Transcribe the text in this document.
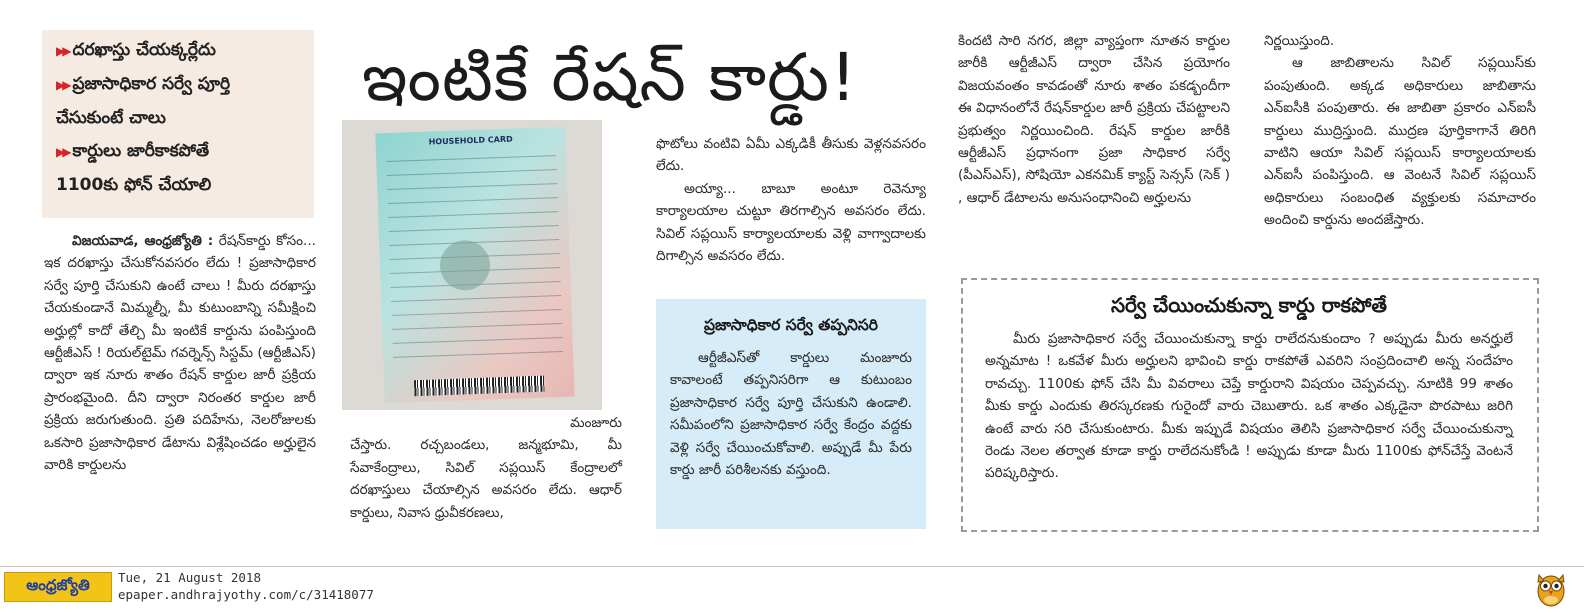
▶▶ దరఖాస్తు చేయక్కర్లేదు
▶▶ ప్రజాసాధికార సర్వే పూర్తి
చేసుకుంటే చాలు
▶▶ కార్డులు జారీకాకపోతే
1100కు ఫోన్ చేయాలి
ఇంటికే రేషన్ కార్డు!
HOUSEHOLD CARD

విజయవాడ, ఆంధ్రజ్యోతి : రేషన్‌కార్డు కోసం... ఇక దరఖాస్తు చేసుకోనవసరం లేదు ! ప్రజాసాధికార సర్వే పూర్తి చేసుకుని ఉంటే చాలు ! మీరు దరఖాస్తు చేయకుండానే మిమ్మల్నీ, మీ కుటుంబాన్ని సమీక్షించి అర్హుల్లో కాదో తేల్చి మీ ఇంటికే కార్డును పంపిస్తుంది ఆర్టీజీఎస్ ! రియల్‌టైమ్ గవర్నెన్స్ సిస్టమ్ (ఆర్టీజీఎస్) ద్వారా ఇక నూరు శాతం రేషన్ కార్డుల జారీ ప్రక్రియ ప్రారంభమైంది. దీని ద్వారా నిరంతర కార్డుల జారీ ప్రక్రియ జరుగుతుంది. ప్రతి పదిహేను, నెలరోజులకు ఒకసారి ప్రజాసాధికార డేటాను విశ్లేషించడం అర్హులైన వారికి కార్డులను

మంజూరు

చేస్తారు. రచ్చబండలు, జన్మభూమి, మీ సేవాకేంద్రాలు, సివిల్ సప్లయిస్ కేంద్రాలలో దరఖాస్తులు చేయాల్సిన అవసరం లేదు. ఆధార్ కార్డులు, నివాస ధ్రువీకరణలు,

ఫొటోలు వంటివి ఏమీ ఎక్కడికీ తీసుకు వెళ్లనవసరం లేదు.

అయ్యా... బాబూ అంటూ రెవెన్యూ కార్యాలయాల చుట్టూ తిరగాల్సిన అవసరం లేదు. సివిల్ సప్లయిస్ కార్యాలయాలకు వెళ్లి వాగ్వాదాలకు దిగాల్సిన అవసరం లేదు.

ప్రజాసాధికార సర్వే తప్పనిసరి

ఆర్టీజీఎస్‌తో కార్డులు మంజూరు కావాలంటే తప్పనిసరిగా ఆ కుటుంబం ప్రజాసాధికార సర్వే పూర్తి చేసుకుని ఉండాలి. సమీపంలోని ప్రజాసాధికార సర్వే కేంద్రం వద్దకు వెళ్లి సర్వే చేయించుకోవాలి. అప్పుడే మీ పేరు కార్డు జారీ పరిశీలనకు వస్తుంది.

కిందటి సారి నగర, జిల్లా వ్యాప్తంగా నూతన కార్డుల జారీకి ఆర్టీజీఎస్ ద్వారా చేసిన ప్రయోగం విజయవంతం కావడంతో నూరు శాతం పకడ్బందీగా ఈ విధానంలోనే రేషన్‌కార్డుల జారీ ప్రక్రియ చేపట్టాలని ప్రభుత్వం నిర్ణయించింది. రేషన్ కార్డుల జారీకి ఆర్టీజీఎస్ ప్రధానంగా ప్రజా సాధికార సర్వే (పీఎస్ఎస్), సోషియో ఎకనమిక్ క్యాస్ట్ సెన్సస్ (సెక్ ) , ఆధార్ డేటాలను అనుసంధానించి అర్హులను

నిర్ణయిస్తుంది.

ఆ జాబితాలను సివిల్ సప్లయిస్‌కు పంపుతుంది. అక్కడ అధికారులు జాబితాను ఎన్ఐసీకి పంపుతారు. ఈ జాబితా ప్రకారం ఎన్ఐసీ కార్డులు ముద్రిస్తుంది. ముద్రణ పూర్తికాగానే తిరిగి వాటిని ఆయా సివిల్ సప్లయిస్ కార్యాలయాలకు ఎన్ఐసీ పంపిస్తుంది. ఆ వెంటనే సివిల్ సప్లయిస్ అధికారులు సంబంధిత వ్యక్తులకు సమాచారం అందించి కార్డును అందజేస్తారు.

సర్వే చేయించుకున్నా కార్డు రాకపోతే

మీరు ప్రజాసాధికార సర్వే చేయించుకున్నా కార్డు రాలేదనుకుందాం ? అప్పుడు మీరు అనర్హులే అన్నమాట ! ఒకవేళ మీరు అర్హులని భావించి కార్డు రాకపోతే ఎవరిని సంప్రదించాలి అన్న సందేహం రావచ్చు. 1100కు ఫోన్ చేసి మీ వివరాలు చెప్తే కార్డురాని విషయం చెప్పవచ్చు. నూటికి 99 శాతం మీకు కార్డు ఎందుకు తిరస్కరణకు గురైందో వారు చెబుతారు. ఒక శాతం ఎక్కడైనా పొరపాటు జరిగి ఉంటే వారు సరి చేసుకుంటారు. మీకు ఇప్పుడే విషయం తెలిసి ప్రజాసాధికార సర్వే చేయించుకున్నా రెండు నెలల తర్వాత కూడా కార్డు రాలేదనుకోండి ! అప్పుడు కూడా మీరు 1100కు ఫోన్‌చేస్తే వెంటనే పరిష్కరిస్తారు.

ఆంధ్రజ్యోతి Tue, 21 August 2018
epaper.andhrajyothy.com/c/31418077
